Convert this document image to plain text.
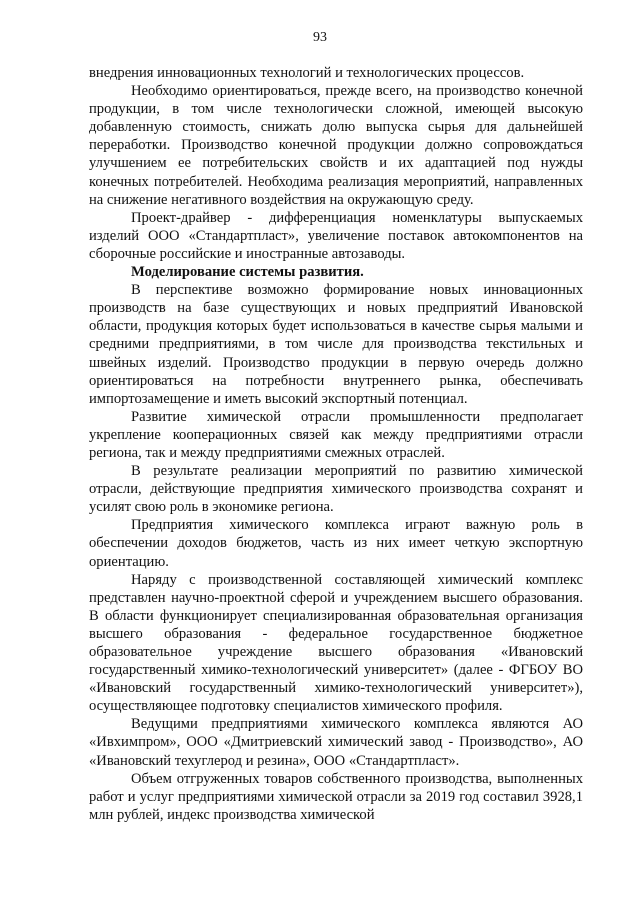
93

внедрения инновационных технологий и технологических процессов.

Необходимо ориентироваться, прежде всего, на производство конечной продукции, в том числе технологически сложной, имеющей высокую добавленную стоимость, снижать долю выпуска сырья для дальнейшей переработки. Производство конечной продукции должно сопровождаться улучшением ее потребительских свойств и их адаптацией под нужды конечных потребителей. Необходима реализация мероприятий, направленных на снижение негативного воздействия на окружающую среду.

Проект-драйвер - дифференциация номенклатуры выпускаемых изделий ООО «Стандартпласт», увеличение поставок автокомпонентов на сборочные российские и иностранные автозаводы.

Моделирование системы развития.

В перспективе возможно формирование новых инновационных производств на базе существующих и новых предприятий Ивановской области, продукция которых будет использоваться в качестве сырья малыми и средними предприятиями, в том числе для производства текстильных и швейных изделий. Производство продукции в первую очередь должно ориентироваться на потребности внутреннего рынка, обеспечивать импортозамещение и иметь высокий экспортный потенциал.

Развитие химической отрасли промышленности предполагает укрепление кооперационных связей как между предприятиями отрасли региона, так и между предприятиями смежных отраслей.

В результате реализации мероприятий по развитию химической отрасли, действующие предприятия химического производства сохранят и усилят свою роль в экономике региона.

Предприятия химического комплекса играют важную роль в обеспечении доходов бюджетов, часть из них имеет четкую экспортную ориентацию.

Наряду с производственной составляющей химический комплекс представлен научно-проектной сферой и учреждением высшего образования. В области функционирует специализированная образовательная организация высшего образования - федеральное государственное бюджетное образовательное учреждение высшего образования «Ивановский государственный химико-технологический университет» (далее - ФГБОУ ВО «Ивановский государственный химико-технологический университет»), осуществляющее подготовку специалистов химического профиля.

Ведущими предприятиями химического комплекса являются АО «Ивхимпром», ООО «Дмитриевский химический завод - Производство», АО «Ивановский техуглерод и резина», ООО «Стандартпласт».

Объем отгруженных товаров собственного производства, выполненных работ и услуг предприятиями химической отрасли за 2019 год составил 3928,1 млн рублей, индекс производства химической
